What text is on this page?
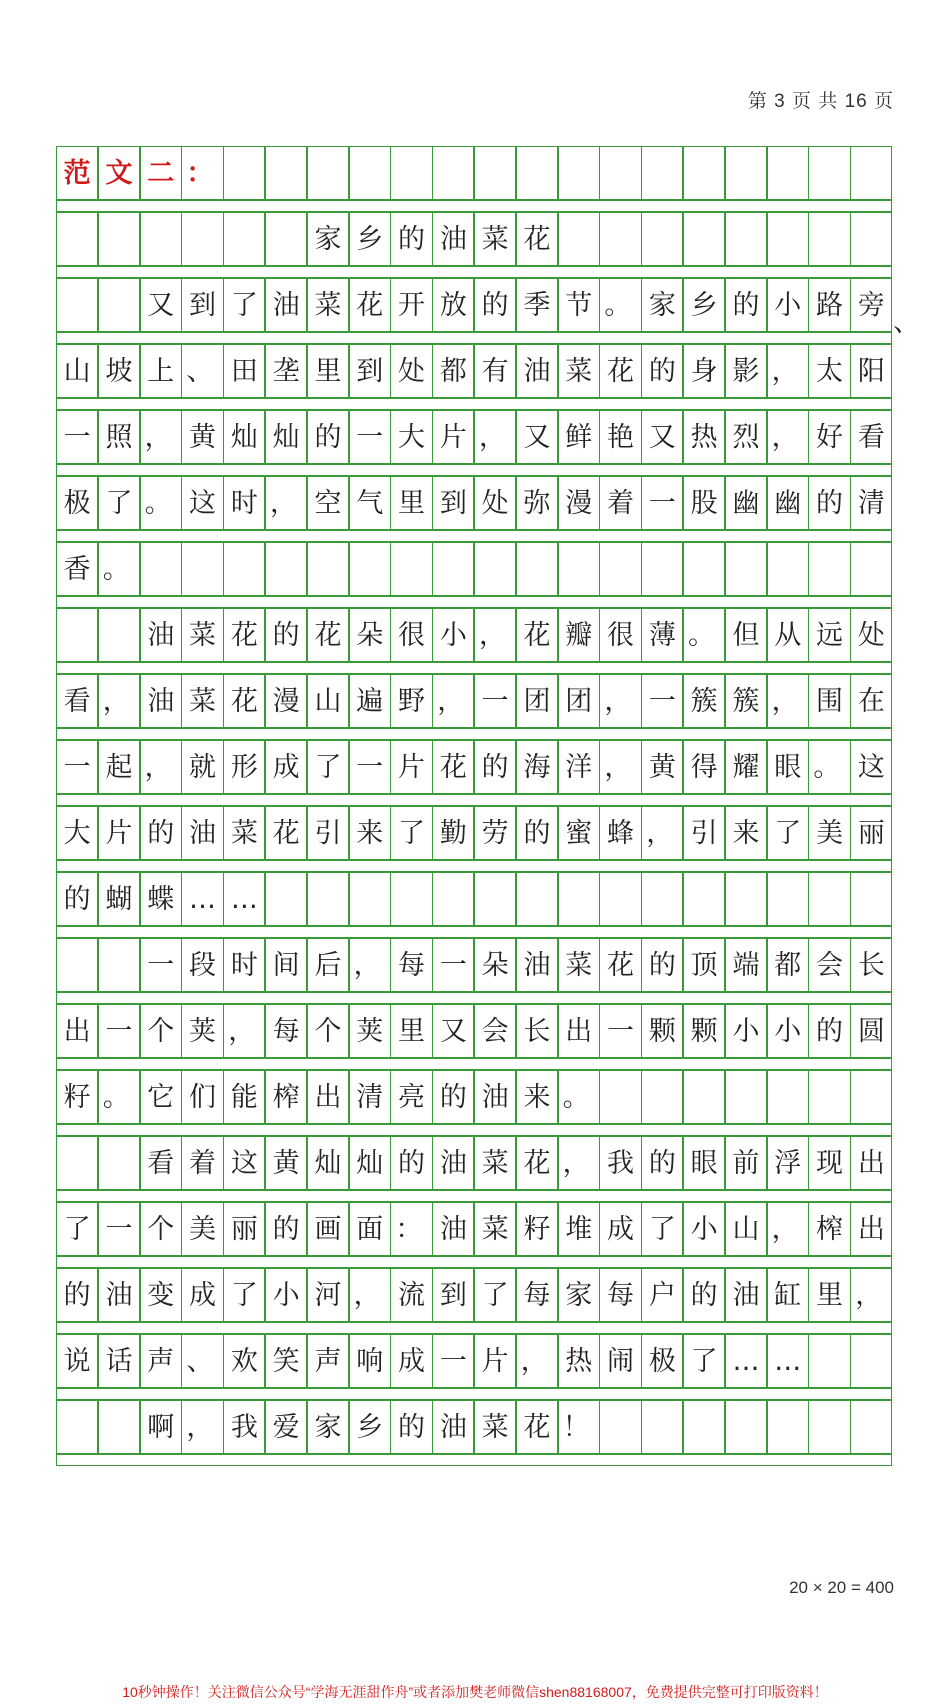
第 3 页 共 16 页
范 文 二 ：
家 乡 的 油 菜 花
又 到 了 油 菜 花 开 放 的 季 节 。 家 乡 的 小 路 旁
山 坡 上 、 田 垄 里 到 处 都 有 油 菜 花 的 身 影 ， 太 阳
一 照 ， 黄 灿 灿 的 一 大 片 ， 又 鲜 艳 又 热 烈 ， 好 看
极 了 。 这 时 ， 空 气 里 到 处 弥 漫 着 一 股 幽 幽 的 清
香 。
油 菜 花 的 花 朵 很 小 ， 花 瓣 很 薄 。 但 从 远 处
看 ， 油 菜 花 漫 山 遍 野 ， 一 团 团 ， 一 簇 簇 ， 围 在
一 起 ， 就 形 成 了 一 片 花 的 海 洋 ， 黄 得 耀 眼 。 这
大 片 的 油 菜 花 引 来 了 勤 劳 的 蜜 蜂 ， 引 来 了 美 丽
的 蝴 蝶 … …
一 段 时 间 后 ， 每 一 朵 油 菜 花 的 顶 端 都 会 长
出 一 个 荚 ， 每 个 荚 里 又 会 长 出 一 颗 颗 小 小 的 圆
籽 。 它 们 能 榨 出 清 亮 的 油 来 。
看 着 这 黄 灿 灿 的 油 菜 花 ， 我 的 眼 前 浮 现 出
了 一 个 美 丽 的 画 面 ： 油 菜 籽 堆 成 了 小 山 ， 榨 出
的 油 变 成 了 小 河 ， 流 到 了 每 家 每 户 的 油 缸 里 ，
说 话 声 、 欢 笑 声 响 成 一 片 ， 热 闹 极 了 … …
啊 ， 我 爱 家 乡 的 油 菜 花 ！
、
20 × 20 = 400
10秒钟操作！关注微信公众号“学海无涯甜作舟”或者添加樊老师微信shen88168007，免费提供完整可打印版资料！
